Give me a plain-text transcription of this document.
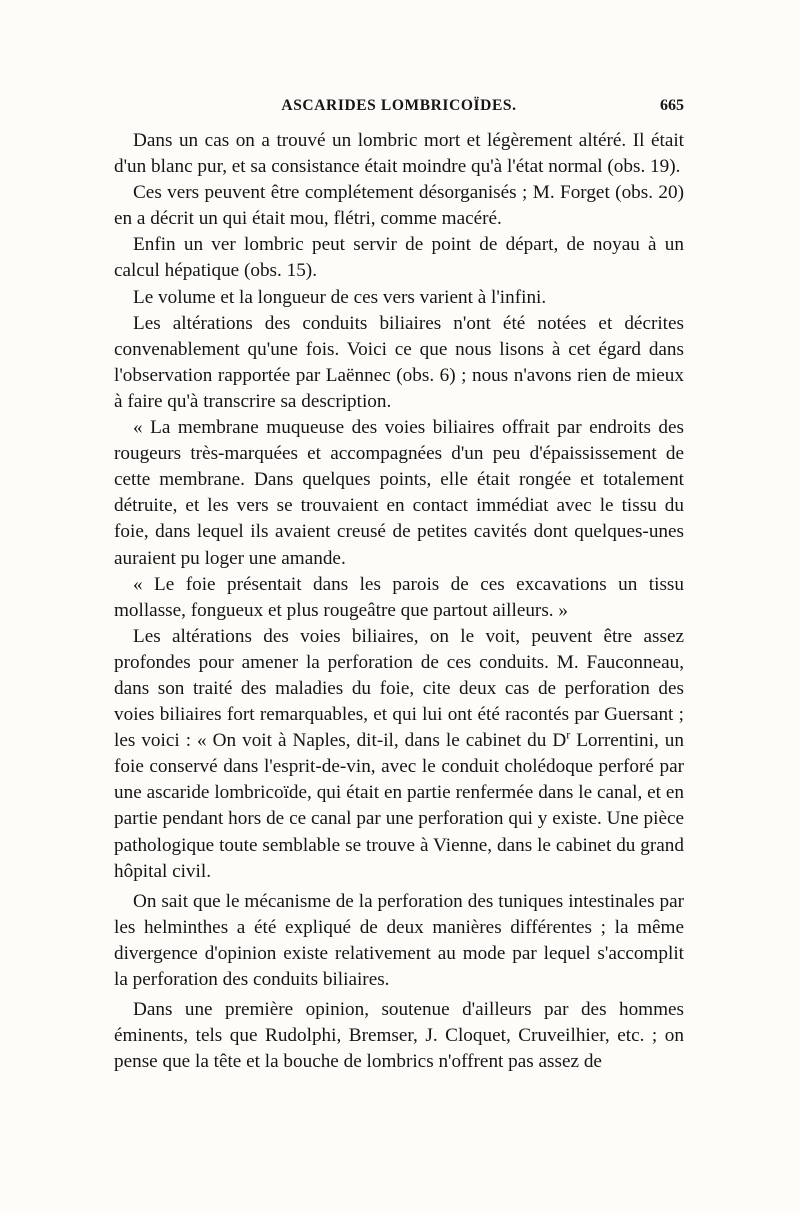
ASCARIDES LOMBRICOÏDES.	665

Dans un cas on a trouvé un lombric mort et légèrement altéré. Il était d'un blanc pur, et sa consistance était moindre qu'à l'état normal (obs. 19).

Ces vers peuvent être complétement désorganisés ; M. Forget (obs. 20) en a décrit un qui était mou, flétri, comme macéré.

Enfin un ver lombric peut servir de point de départ, de noyau à un calcul hépatique (obs. 15).

Le volume et la longueur de ces vers varient à l'infini.

Les altérations des conduits biliaires n'ont été notées et décrites convenablement qu'une fois. Voici ce que nous lisons à cet égard dans l'observation rapportée par Laënnec (obs. 6) ; nous n'avons rien de mieux à faire qu'à transcrire sa description.

« La membrane muqueuse des voies biliaires offrait par endroits des rougeurs très-marquées et accompagnées d'un peu d'épaississement de cette membrane. Dans quelques points, elle était rongée et totalement détruite, et les vers se trouvaient en contact immédiat avec le tissu du foie, dans lequel ils avaient creusé de petites cavités dont quelques-unes auraient pu loger une amande.

« Le foie présentait dans les parois de ces excavations un tissu mollasse, fongueux et plus rougeâtre que partout ailleurs. »

Les altérations des voies biliaires, on le voit, peuvent être assez profondes pour amener la perforation de ces conduits. M. Fauconneau, dans son traité des maladies du foie, cite deux cas de perforation des voies biliaires fort remarquables, et qui lui ont été racontés par Guersant ; les voici : « On voit à Naples, dit-il, dans le cabinet du $D^r$ Lorrentini, un foie conservé dans l'esprit-de-vin, avec le conduit cholédoque perforé par une ascaride lombricoïde, qui était en partie renfermée dans le canal, et en partie pendant hors de ce canal par une perforation qui y existe. Une pièce pathologique toute semblable se trouve à Vienne, dans le cabinet du grand hôpital civil.

On sait que le mécanisme de la perforation des tuniques intestinales par les helminthes a été expliqué de deux manières différentes ; la même divergence d'opinion existe relativement au mode par lequel s'accomplit la perforation des conduits biliaires.

Dans une première opinion, soutenue d'ailleurs par des hommes éminents, tels que Rudolphi, Bremser, J. Cloquet, Cruveilhier, etc. ; on pense que la tête et la bouche de lombrics n'offrent pas assez de
